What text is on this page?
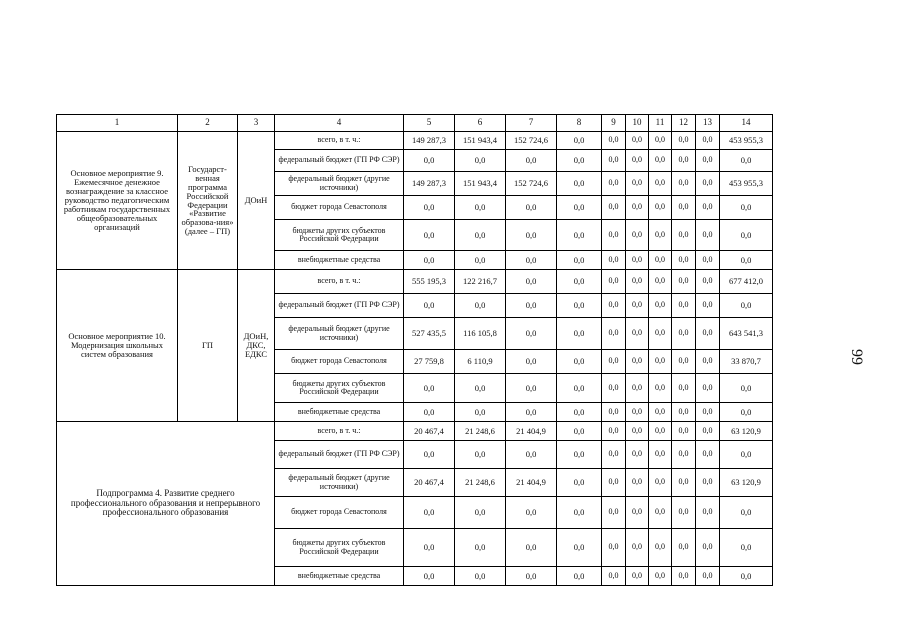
1	2	3	4	5	6	7	8	9	10	11	12	13	14
Основное мероприятие 9. Ежемесячное денежное вознаграждение за классное руководство педагогическим работникам государственных общеобразовательных организаций	Государст-венная программа Российской Федерации «Развитие образова-ния» (далее – ГП)	ДОиН	всего, в т. ч.:	149 287,3	151 943,4	152 724,6	0,0	0,0	0,0	0,0	0,0	0,0	453 955,3
			федеральный бюджет (ГП РФ СЭР)	0,0	0,0	0,0	0,0	0,0	0,0	0,0	0,0	0,0	0,0
			федеральный бюджет (другие источники)	149 287,3	151 943,4	152 724,6	0,0	0,0	0,0	0,0	0,0	0,0	453 955,3
			бюджет города Севастополя	0,0	0,0	0,0	0,0	0,0	0,0	0,0	0,0	0,0	0,0
			бюджеты других субъектов Российской Федерации	0,0	0,0	0,0	0,0	0,0	0,0	0,0	0,0	0,0	0,0
			внебюджетные средства	0,0	0,0	0,0	0,0	0,0	0,0	0,0	0,0	0,0	0,0
Основное мероприятие 10. Модернизация школьных систем образования	ГП	ДОиН, ДКС, ЕДКС	всего, в т. ч.:	555 195,3	122 216,7	0,0	0,0	0,0	0,0	0,0	0,0	0,0	677 412,0
			федеральный бюджет (ГП РФ СЭР)	0,0	0,0	0,0	0,0	0,0	0,0	0,0	0,0	0,0	0,0
			федеральный бюджет (другие источники)	527 435,5	116 105,8	0,0	0,0	0,0	0,0	0,0	0,0	0,0	643 541,3
			бюджет города Севастополя	27 759,8	6 110,9	0,0	0,0	0,0	0,0	0,0	0,0	0,0	33 870,7
			бюджеты других субъектов Российской Федерации	0,0	0,0	0,0	0,0	0,0	0,0	0,0	0,0	0,0	0,0
			внебюджетные средства	0,0	0,0	0,0	0,0	0,0	0,0	0,0	0,0	0,0	0,0
Подпрограмма 4. Развитие среднего профессионального образования и непрерывного профессионального образования			всего, в т. ч.:	20 467,4	21 248,6	21 404,9	0,0	0,0	0,0	0,0	0,0	0,0	63 120,9
			федеральный бюджет (ГП РФ СЭР)	0,0	0,0	0,0	0,0	0,0	0,0	0,0	0,0	0,0	0,0
			федеральный бюджет (другие источники)	20 467,4	21 248,6	21 404,9	0,0	0,0	0,0	0,0	0,0	0,0	63 120,9
			бюджет города Севастополя	0,0	0,0	0,0	0,0	0,0	0,0	0,0	0,0	0,0	0,0
			бюджеты других субъектов Российской Федерации	0,0	0,0	0,0	0,0	0,0	0,0	0,0	0,0	0,0	0,0
			внебюджетные средства	0,0	0,0	0,0	0,0	0,0	0,0	0,0	0,0	0,0	0,0
99
